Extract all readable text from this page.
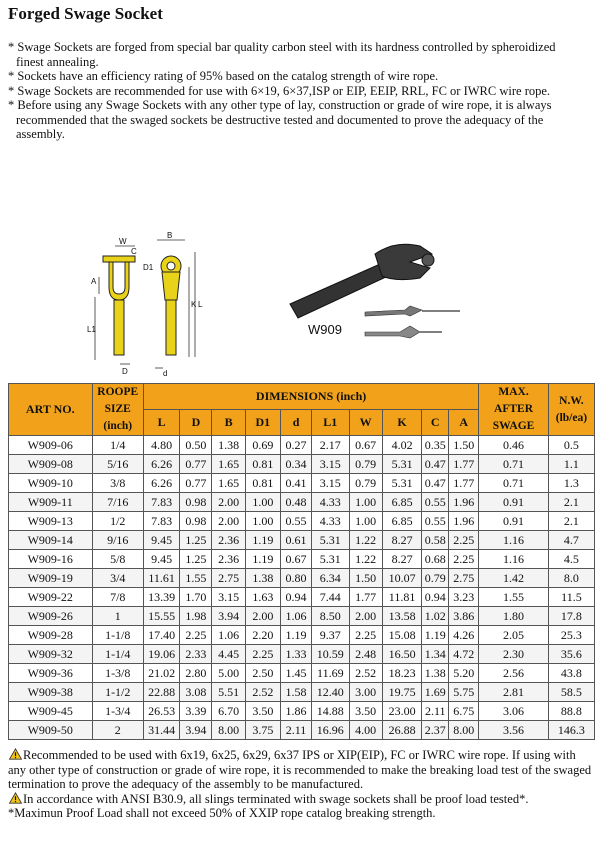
Forged Swage Socket

* Swage Sockets are forged from special bar quality carbon steel with its hardness controlled by spheroidized

finest annealing.

* Sockets have an efficiency rating of 95% based on the catalog strength of wire rope.

* Swage Sockets are recommended for use with 6×19, 6×37,ISP or EIP, EEIP, RRL, FC or IWRC wire rope.

* Before using any Swage Sockets with any other type of lay, construction or grade of wire rope, it is always

recommended that the swaged sockets be destructive tested and documented to prove the adequacy of the assembly.

W
C
B
D1
A
K L
L1
D	d
W909
ART NO.	ROOPE
SIZE
(inch)	DIMENSIONS (inch)										MAX.
AFTER
SWAGE	N.W.
(lb/ea)
		L	D	B	D1	d	L1	W	K	C	A		
W909-06	1/4	4.80	0.50	1.38	0.69	0.27	2.17	0.67	4.02	0.35	1.50	0.46	0.5
W909-08	5/16	6.26	0.77	1.65	0.81	0.34	3.15	0.79	5.31	0.47	1.77	0.71	1.1
W909-10	3/8	6.26	0.77	1.65	0.81	0.41	3.15	0.79	5.31	0.47	1.77	0.71	1.3
W909-11	7/16	7.83	0.98	2.00	1.00	0.48	4.33	1.00	6.85	0.55	1.96	0.91	2.1
W909-13	1/2	7.83	0.98	2.00	1.00	0.55	4.33	1.00	6.85	0.55	1.96	0.91	2.1
W909-14	9/16	9.45	1.25	2.36	1.19	0.61	5.31	1.22	8.27	0.58	2.25	1.16	4.7
W909-16	5/8	9.45	1.25	2.36	1.19	0.67	5.31	1.22	8.27	0.68	2.25	1.16	4.5
W909-19	3/4	11.61	1.55	2.75	1.38	0.80	6.34	1.50	10.07	0.79	2.75	1.42	8.0
W909-22	7/8	13.39	1.70	3.15	1.63	0.94	7.44	1.77	11.81	0.94	3.23	1.55	11.5
W909-26	1	15.55	1.98	3.94	2.00	1.06	8.50	2.00	13.58	1.02	3.86	1.80	17.8
W909-28	1-1/8	17.40	2.25	1.06	2.20	1.19	9.37	2.25	15.08	1.19	4.26	2.05	25.3
W909-32	1-1/4	19.06	2.33	4.45	2.25	1.33	10.59	2.48	16.50	1.34	4.72	2.30	35.6
W909-36	1-3/8	21.02	2.80	5.00	2.50	1.45	11.69	2.52	18.23	1.38	5.20	2.56	43.8
W909-38	1-1/2	22.88	3.08	5.51	2.52	1.58	12.40	3.00	19.75	1.69	5.75	2.81	58.5
W909-45	1-3/4	26.53	3.39	6.70	3.50	1.86	14.88	3.50	23.00	2.11	6.75	3.06	88.8
W909-50	2	31.44	3.94	8.00	3.75	2.11	16.96	4.00	26.88	2.37	8.00	3.56	146.3

Recommended to be used with 6x19, 6x25, 6x29, 6x37 IPS or XIP(EIP), FC or IWRC wire rope. If using with any other type of construction or grade of wire rope, it is recommended to make the breaking load test of the swaged termination to prove the adequacy of the assembly to be manufactured.

In accordance with ANSI B30.9, all slings terminated with swage sockets shall be proof load tested*.

*Maximun Proof Load shall not exceed 50% of XXIP rope catalog breaking strength.
